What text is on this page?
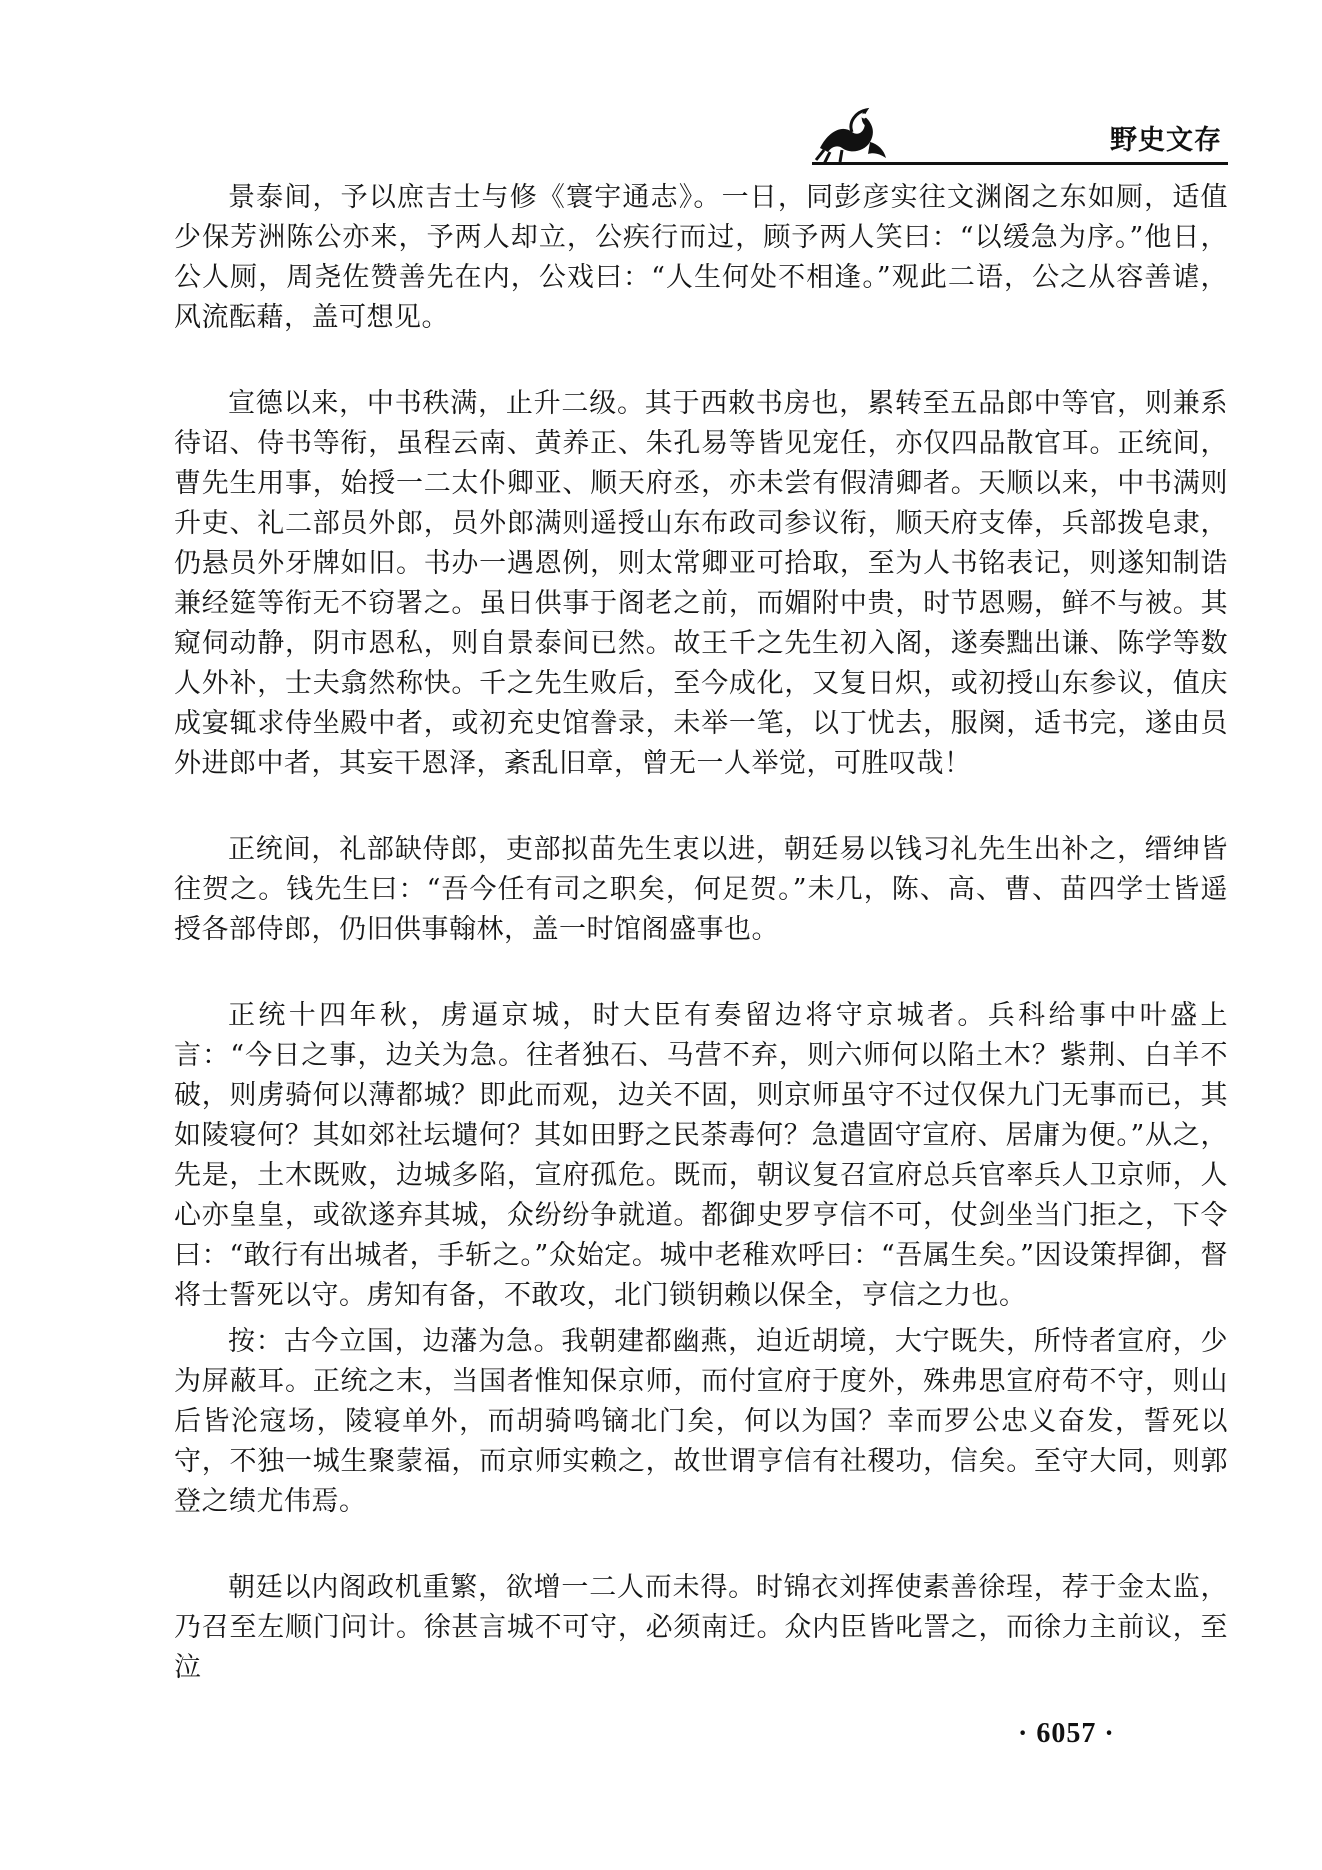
野史文存

景泰间，予以庶吉士与修《寰宇通志》。一日，同彭彦实往文渊阁之东如厕，适值少保芳洲陈公亦来，予两人却立，公疾行而过，顾予两人笑曰：“以缓急为序。”他日，公人厕，周尧佐赞善先在内，公戏曰：“人生何处不相逢。”观此二语，公之从容善谑，风流酝藉，盖可想见。

宣德以来，中书秩满，止升二级。其于西敕书房也，累转至五品郎中等官，则兼系待诏、侍书等衔，虽程云南、黄养正、朱孔易等皆见宠任，亦仅四品散官耳。正统间，曹先生用事，始授一二太仆卿亚、顺天府丞，亦未尝有假清卿者。天顺以来，中书满则升吏、礼二部员外郎，员外郎满则遥授山东布政司参议衔，顺天府支俸，兵部拨皂隶，仍悬员外牙牌如旧。书办一遇恩例，则太常卿亚可拾取，至为人书铭表记，则遂知制诰兼经筵等衔无不窃署之。虽日供事于阁老之前，而媚附中贵，时节恩赐，鲜不与被。其窥伺动静，阴市恩私，则自景泰间已然。故王千之先生初入阁，遂奏黜出谦、陈学等数人外补，士夫翕然称快。千之先生败后，至今成化，又复日炽，或初授山东参议，值庆成宴辄求侍坐殿中者，或初充史馆誊录，未举一笔，以丁忧去，服阕，适书完，遂由员外进郎中者，其妄干恩泽，紊乱旧章，曾无一人举觉，可胜叹哉！

正统间，礼部缺侍郎，吏部拟苗先生衷以进，朝廷易以钱习礼先生出补之，缙绅皆往贺之。钱先生曰：“吾今任有司之职矣，何足贺。”未几，陈、高、曹、苗四学士皆遥授各部侍郎，仍旧供事翰林，盖一时馆阁盛事也。

正统十四年秋，虏逼京城，时大臣有奏留边将守京城者。兵科给事中叶盛上言：“今日之事，边关为急。往者独石、马营不弃，则六师何以陷土木？紫荆、白羊不破，则虏骑何以薄都城？即此而观，边关不固，则京师虽守不过仅保九门无事而已，其如陵寝何？其如郊社坛壝何？其如田野之民荼毒何？急遣固守宣府、居庸为便。”从之，先是，土木既败，边城多陷，宣府孤危。既而，朝议复召宣府总兵官率兵人卫京师，人心亦皇皇，或欲遂弃其城，众纷纷争就道。都御史罗亨信不可，仗剑坐当门拒之，下令曰：“敢行有出城者，手斩之。”众始定。城中老稚欢呼曰：“吾属生矣。”因设策捍御，督将士誓死以守。虏知有备，不敢攻，北门锁钥赖以保全，亨信之力也。

按：古今立国，边藩为急。我朝建都幽燕，迫近胡境，大宁既失，所恃者宣府，少为屏蔽耳。正统之末，当国者惟知保京师，而付宣府于度外，殊弗思宣府苟不守，则山后皆沦寇场，陵寝单外，而胡骑鸣镝北门矣，何以为国？幸而罗公忠义奋发，誓死以守，不独一城生聚蒙福，而京师实赖之，故世谓亨信有社稷功，信矣。至守大同，则郭登之绩尤伟焉。

朝廷以内阁政机重繁，欲增一二人而未得。时锦衣刘挥使素善徐珵，荐于金太监，乃召至左顺门问计。徐甚言城不可守，必须南迁。众内臣皆叱詈之，而徐力主前议，至泣

· 6057 ·
